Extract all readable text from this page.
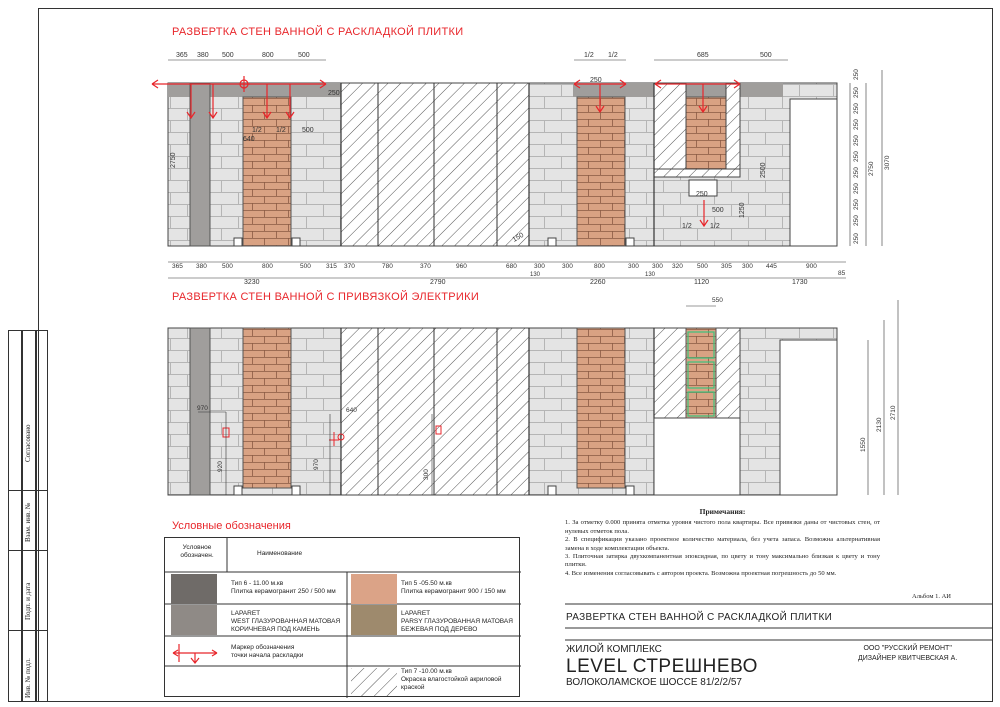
Согласовано
Взам. инв. №
Подп. и дата
Инв. № подл.
РАЗВЕРТКА СТЕН ВАННОЙ С РАСКЛАДКОЙ ПЛИТКИ
РАЗВЕРТКА СТЕН ВАННОЙ С ПРИВЯЗКОЙ ЭЛЕКТРИКИ
365 380 500	800	500	1/2 1/2	685	500
640
1/2 1/2 500
250
250
2750
2500
1250
150
250
500
1/2	1/2
365 380 500	800	500 315 370	780	370	960	680	300	300	800	300 300 320 500 305 300 445	900
85
3230	2790	2260	1120	1730
130	130
250
250
250
250
250
250
250
250
250
250
250
2750 3070
970
920	970
640
300
550
1550
2130
2710
Условные обозначения
Условное обозначен.	Наименование
Тип 6 - 11.00 м.кв
Плитка керамогранит 250 / 500 мм
Тип 5 -05.50 м.кв
Плитка керамогранит 900 / 150 мм
LAPARET
WEST ГЛАЗУРОВАННАЯ МАТОВАЯ
КОРИЧНЕВАЯ ПОД КАМЕНЬ
LAPARET
PARSY ГЛАЗУРОВАННАЯ МАТОВАЯ
БЕЖЕВАЯ ПОД ДЕРЕВО
Маркер обозначения
точки начала раскладки
Тип 7 -10.00 м.кв
Окраска влагостойкой акриловой
краской
Примечания:

1. За отметку 0.000 принята отметка уровня чистого пола квартиры. Все привязки даны от чистовых стен, от нулевых отметок пола.

2. В спецификации указано проектное количество материала, без учета запаса. Возможна альтернативная замена в ходе комплектации объекта.

3. Плиточная затирка двухкомпанентная эпоксидная, по цвету и тону максимально близкая к цвету и тону плитки.

4. Все изменения согласовывать с автором проекта. Возможна проектная погрешность до 50 мм.

Альбом 1. АИ
РАЗВЕРТКА СТЕН ВАННОЙ С РАСКЛАДКОЙ ПЛИТКИ
ЖИЛОЙ КОМПЛЕКС
LEVEL СТРЕШНЕВО
ВОЛОКОЛАМСКОЕ ШОССЕ 81/2/2/57
ООО "РУССКИЙ РЕМОНТ"
ДИЗАЙНЕР КВИТЧЕВСКАЯ А.
